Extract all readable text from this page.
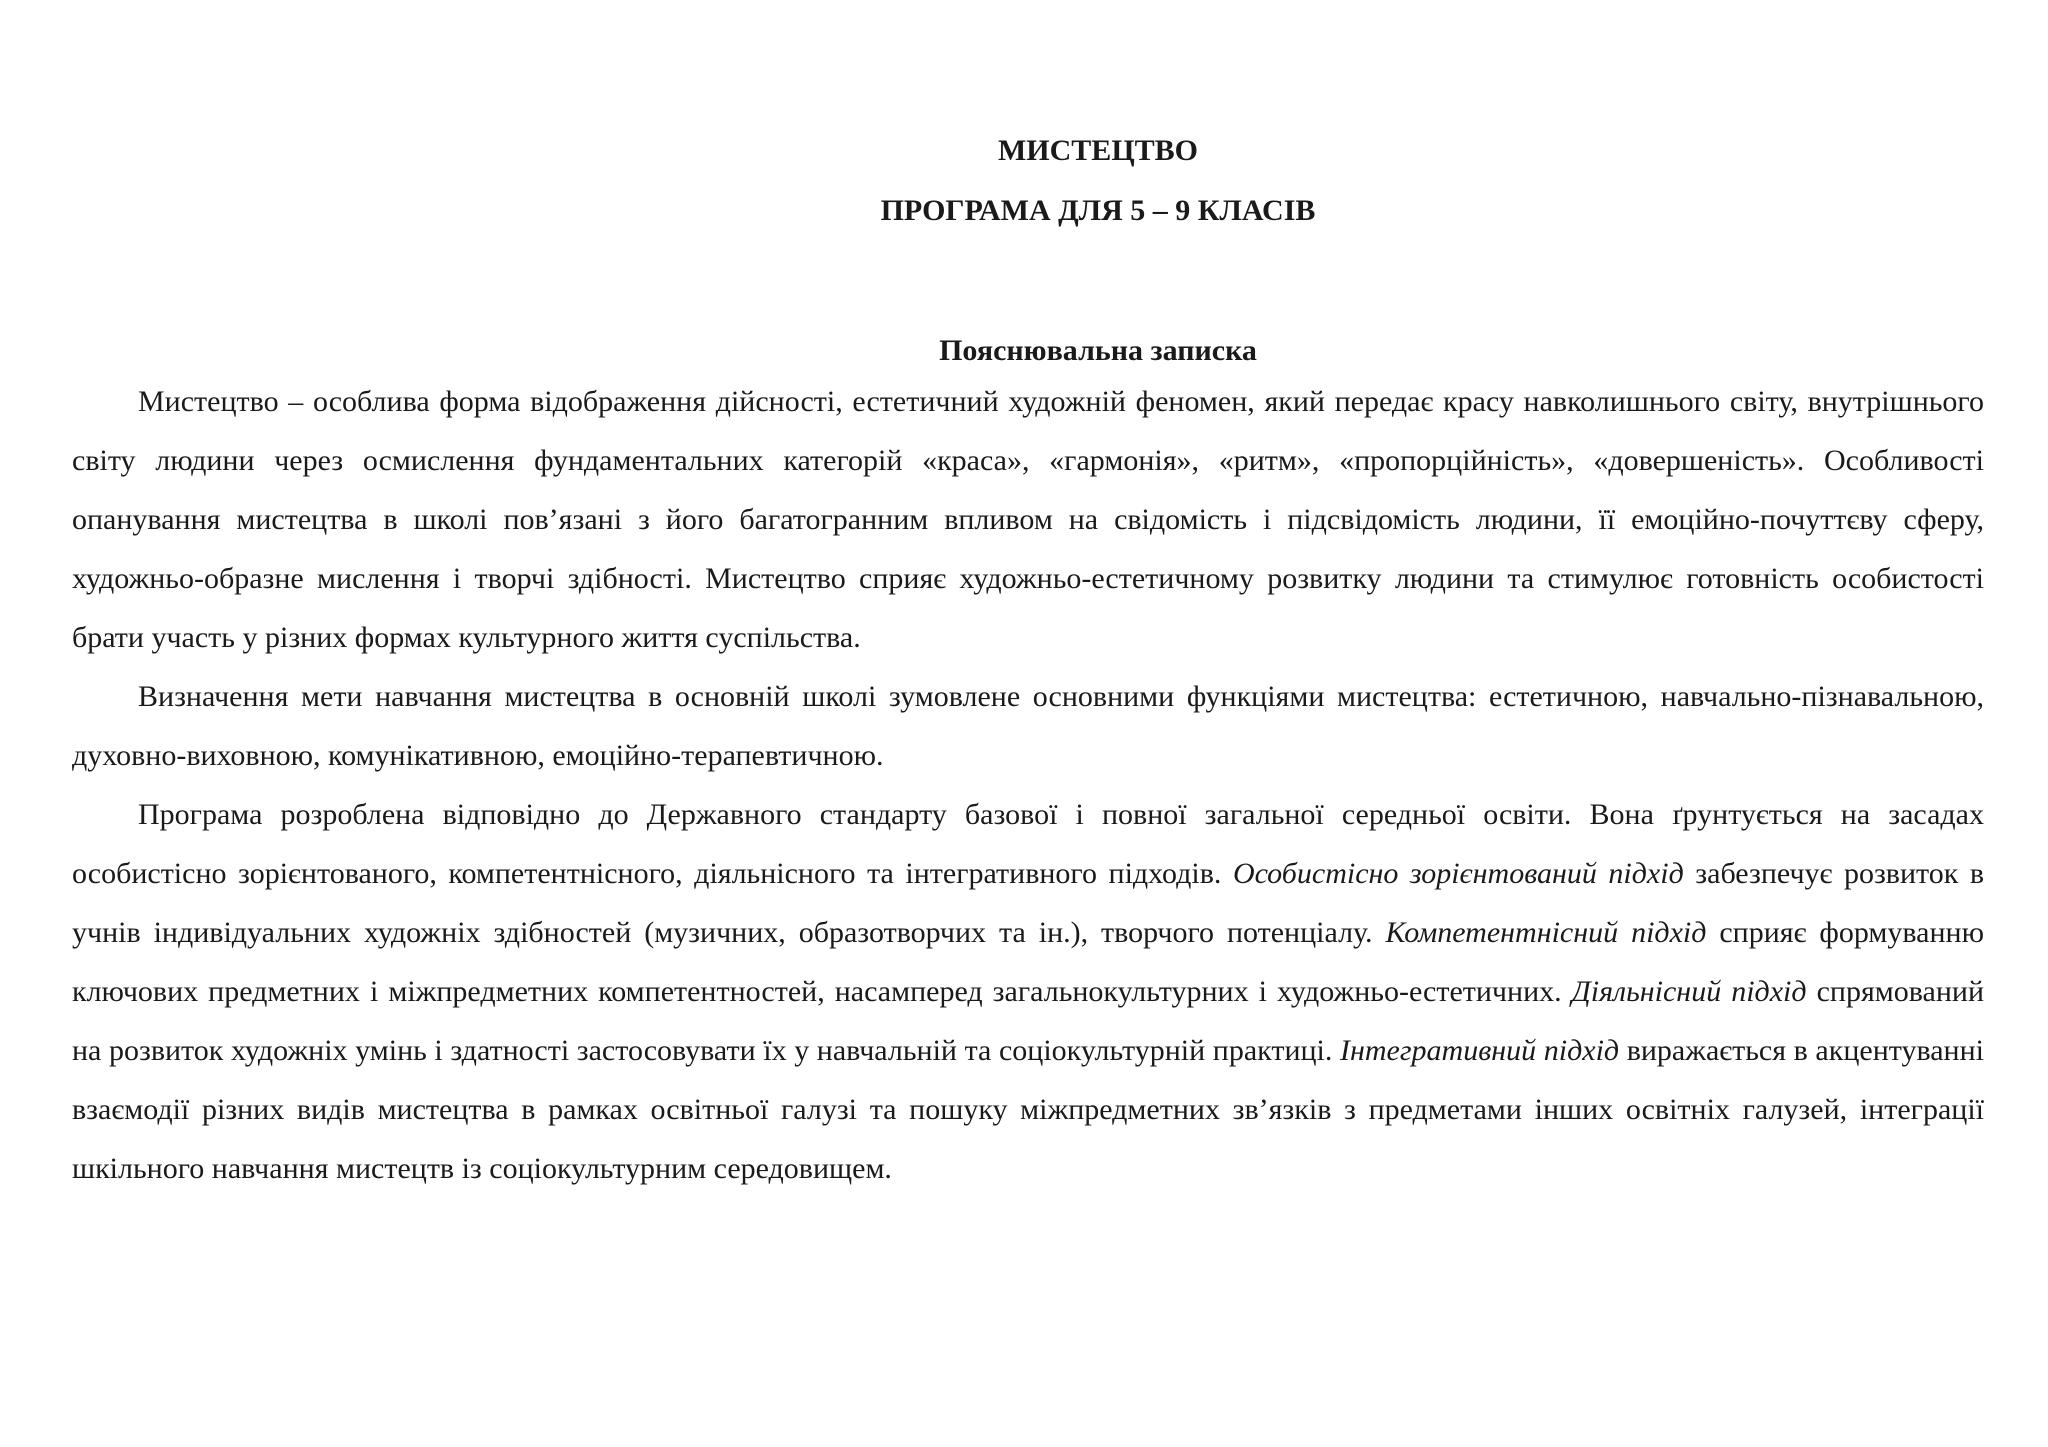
МИСТЕЦТВО

ПРОГРАМА ДЛЯ 5 – 9 КЛАСІВ

Пояснювальна записка

Мистецтво – особлива форма відображення дійсності, естетичний художній феномен, який передає красу навколишнього світу, внутрішнього світу людини через осмислення фундаментальних категорій «краса», «гармонія», «ритм», «пропорційність», «довершеність». Особливості опанування мистецтва в школі пов’язані з його багатогранним впливом на свідомість і підсвідомість людини, її емоційно-почуттєву сферу, художньо-образне мислення і творчі здібності. Мистецтво сприяє художньо-естетичному розвитку людини та стимулює готовність особистості брати участь у різних формах культурного життя суспільства.

Визначення мети навчання мистецтва в основній школі зумовлене основними функціями мистецтва: естетичною, навчально-пізнавальною, духовно-виховною, комунікативною, емоційно-терапевтичною.

Програма розроблена відповідно до Державного стандарту базової і повної загальної середньої освіти. Вона ґрунтується на засадах особистісно зорієнтованого, компетентнісного, діяльнісного та інтегративного підходів. Особистісно зорієнтований підхід забезпечує розвиток в учнів індивідуальних художніх здібностей (музичних, образотворчих та ін.), творчого потенціалу. Компетентнісний підхід сприяє формуванню ключових предметних і міжпредметних компетентностей, насамперед загальнокультурних і художньо-естетичних. Діяльнісний підхід спрямований на розвиток художніх умінь і здатності застосовувати їх у навчальній та соціокультурній практиці. Інтегративний підхід виражається в акцентуванні взаємодії різних видів мистецтва в рамках освітньої галузі та пошуку міжпредметних зв’язків з предметами інших освітніх галузей, інтеграції шкільного навчання мистецтв із соціокультурним середовищем.
